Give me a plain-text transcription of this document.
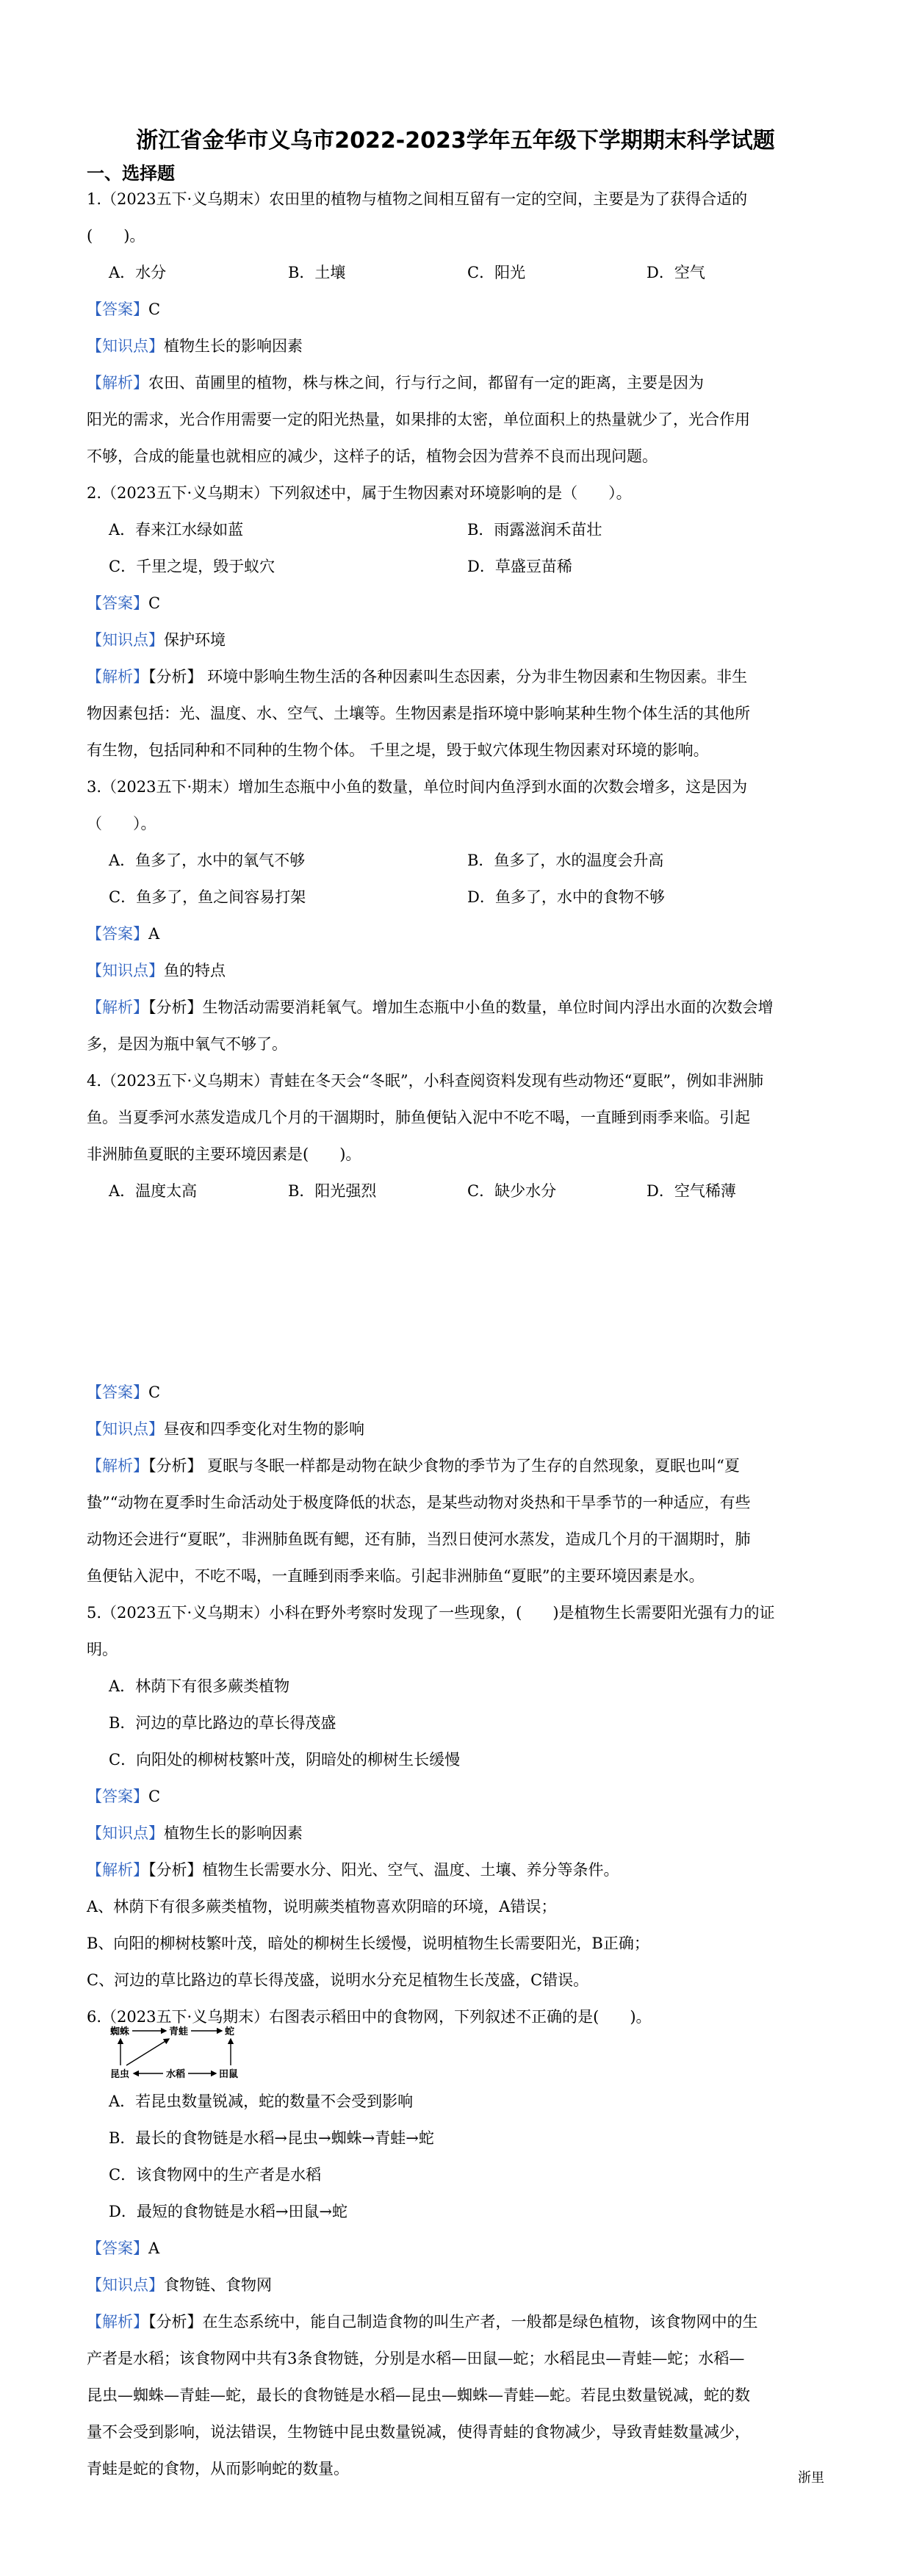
浙江省金华市义乌市2022-2023学年五年级下学期期末科学试题
一、选择题
1.（2023五下·义乌期末）农田里的植物与植物之间相互留有一定的空间，主要是为了获得合适的
(　　)。
A．水分	B．土壤	C．阳光	D．空气
【答案】C
【知识点】植物生长的影响因素
【解析】农田、苗圃里的植物，株与株之间，行与行之间，都留有一定的距离，主要是因为
阳光的需求，光合作用需要一定的阳光热量，如果排的太密，单位面积上的热量就少了，光合作用
不够，合成的能量也就相应的减少，这样子的话，植物会因为营养不良而出现问题。
2.（2023五下·义乌期末）下列叙述中，属于生物因素对环境影响的是（　　）。
A．春来江水绿如蓝	B．雨露滋润禾苗壮
C．千里之堤，毁于蚁穴	D．草盛豆苗稀
【答案】C
【知识点】保护环境
【解析】【分析】 环境中影响生物生活的各种因素叫生态因素，分为非生物因素和生物因素。非生
物因素包括：光、温度、水、空气、土壤等。生物因素是指环境中影响某种生物个体生活的其他所
有生物，包括同种和不同种的生物个体。 千里之堤，毁于蚁穴体现生物因素对环境的影响。
3.（2023五下·期末）增加生态瓶中小鱼的数量，单位时间内鱼浮到水面的次数会增多，这是因为
（　　）。
A．鱼多了，水中的氧气不够	B．鱼多了，水的温度会升高
C．鱼多了，鱼之间容易打架	D．鱼多了，水中的食物不够
【答案】A
【知识点】鱼的特点
【解析】【分析】生物活动需要消耗氧气。增加生态瓶中小鱼的数量，单位时间内浮出水面的次数会增
多，是因为瓶中氧气不够了。
4.（2023五下·义乌期末）青蛙在冬天会“冬眠”，小科查阅资料发现有些动物还“夏眠”，例如非洲肺
鱼。当夏季河水蒸发造成几个月的干涸期时，肺鱼便钻入泥中不吃不喝，一直睡到雨季来临。引起
非洲肺鱼夏眠的主要环境因素是(　　)。
A．温度太高	B．阳光强烈	C．缺少水分	D．空气稀薄
【答案】C
【知识点】昼夜和四季变化对生物的影响
【解析】【分析】 夏眠与冬眠一样都是动物在缺少食物的季节为了生存的自然现象，夏眠也叫“夏
蛰”“动物在夏季时生命活动处于极度降低的状态，是某些动物对炎热和干旱季节的一种适应，有些
动物还会进行“夏眠”，非洲肺鱼既有鳃，还有肺，当烈日使河水蒸发，造成几个月的干涸期时，肺
鱼便钻入泥中，不吃不喝，一直睡到雨季来临。引起非洲肺鱼“夏眠”的主要环境因素是水。
5.（2023五下·义乌期末）小科在野外考察时发现了一些现象，(　　)是植物生长需要阳光强有力的证
明。
A．林荫下有很多蕨类植物
B．河边的草比路边的草长得茂盛
C．向阳处的柳树枝繁叶茂，阴暗处的柳树生长缓慢
【答案】C
【知识点】植物生长的影响因素
【解析】【分析】植物生长需要水分、阳光、空气、温度、土壤、养分等条件。
A、林荫下有很多蕨类植物，说明蕨类植物喜欢阴暗的环境，A错误；
B、向阳的柳树枝繁叶茂，暗处的柳树生长缓慢，说明植物生长需要阳光，B正确；
C、河边的草比路边的草长得茂盛，说明水分充足植物生长茂盛，C错误。
6.（2023五下·义乌期末）右图表示稻田中的食物网，下列叙述不正确的是(　　)。
蜘蛛	青蛙	蛇
昆虫	水稻	田鼠
A．若昆虫数量锐减，蛇的数量不会受到影响
B．最长的食物链是水稻→昆虫→蜘蛛→青蛙→蛇
C．该食物网中的生产者是水稻
D．最短的食物链是水稻→田鼠→蛇
【答案】A
【知识点】食物链、食物网
【解析】【分析】在生态系统中，能自己制造食物的叫生产者，一般都是绿色植物，该食物网中的生
产者是水稻；该食物网中共有3条食物链，分别是水稻—田鼠—蛇；水稻昆虫—青蛙—蛇；水稻—
昆虫—蜘蛛—青蛙—蛇，最长的食物链是水稻—昆虫—蜘蛛—青蛙—蛇。若昆虫数量锐减，蛇的数
量不会受到影响，说法错误，生物链中昆虫数量锐减，使得青蛙的食物减少，导致青蛙数量减少，
青蛙是蛇的食物，从而影响蛇的数量。
浙里
